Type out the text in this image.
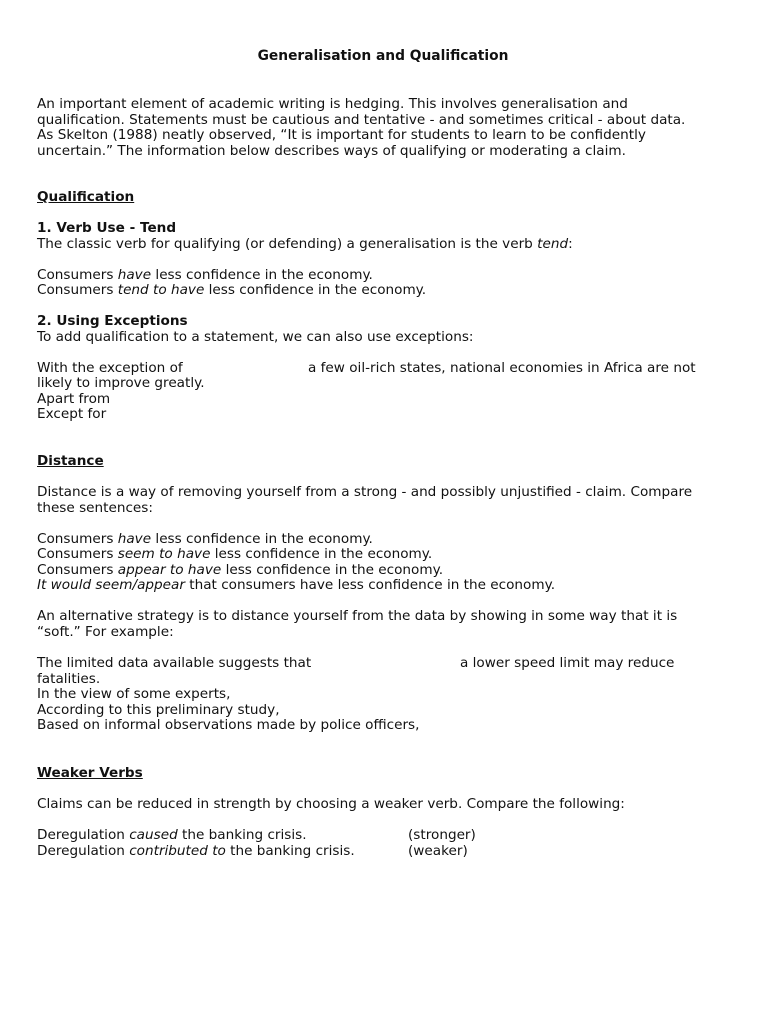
Generalisation and Qualification
An important element of academic writing is hedging. This involves generalisation and
qualification. Statements must be cautious and tentative - and sometimes critical - about data.
As Skelton (1988) neatly observed, “It is important for students to learn to be confidently
uncertain.” The information below describes ways of qualifying or moderating a claim.
Qualification
1. Verb Use - Tend
The classic verb for qualifying (or defending) a generalisation is the verb tend:
Consumers have less confidence in the economy.
Consumers tend to have less confidence in the economy.
2. Using Exceptions
To add qualification to a statement, we can also use exceptions:
With the exception of	a few oil-rich states, national economies in Africa are not
likely to improve greatly.
Apart from
Except for
Distance
Distance is a way of removing yourself from a strong - and possibly unjustified - claim. Compare
these sentences:
Consumers have less confidence in the economy.
Consumers seem to have less confidence in the economy.
Consumers appear to have less confidence in the economy.
It would seem/appear that consumers have less confidence in the economy.
An alternative strategy is to distance yourself from the data by showing in some way that it is
“soft.” For example:
The limited data available suggests that	a lower speed limit may reduce
fatalities.
In the view of some experts,
According to this preliminary study,
Based on informal observations made by police officers,
Weaker Verbs
Claims can be reduced in strength by choosing a weaker verb. Compare the following:
Deregulation caused the banking crisis.	(stronger)
Deregulation contributed to the banking crisis.	(weaker)
